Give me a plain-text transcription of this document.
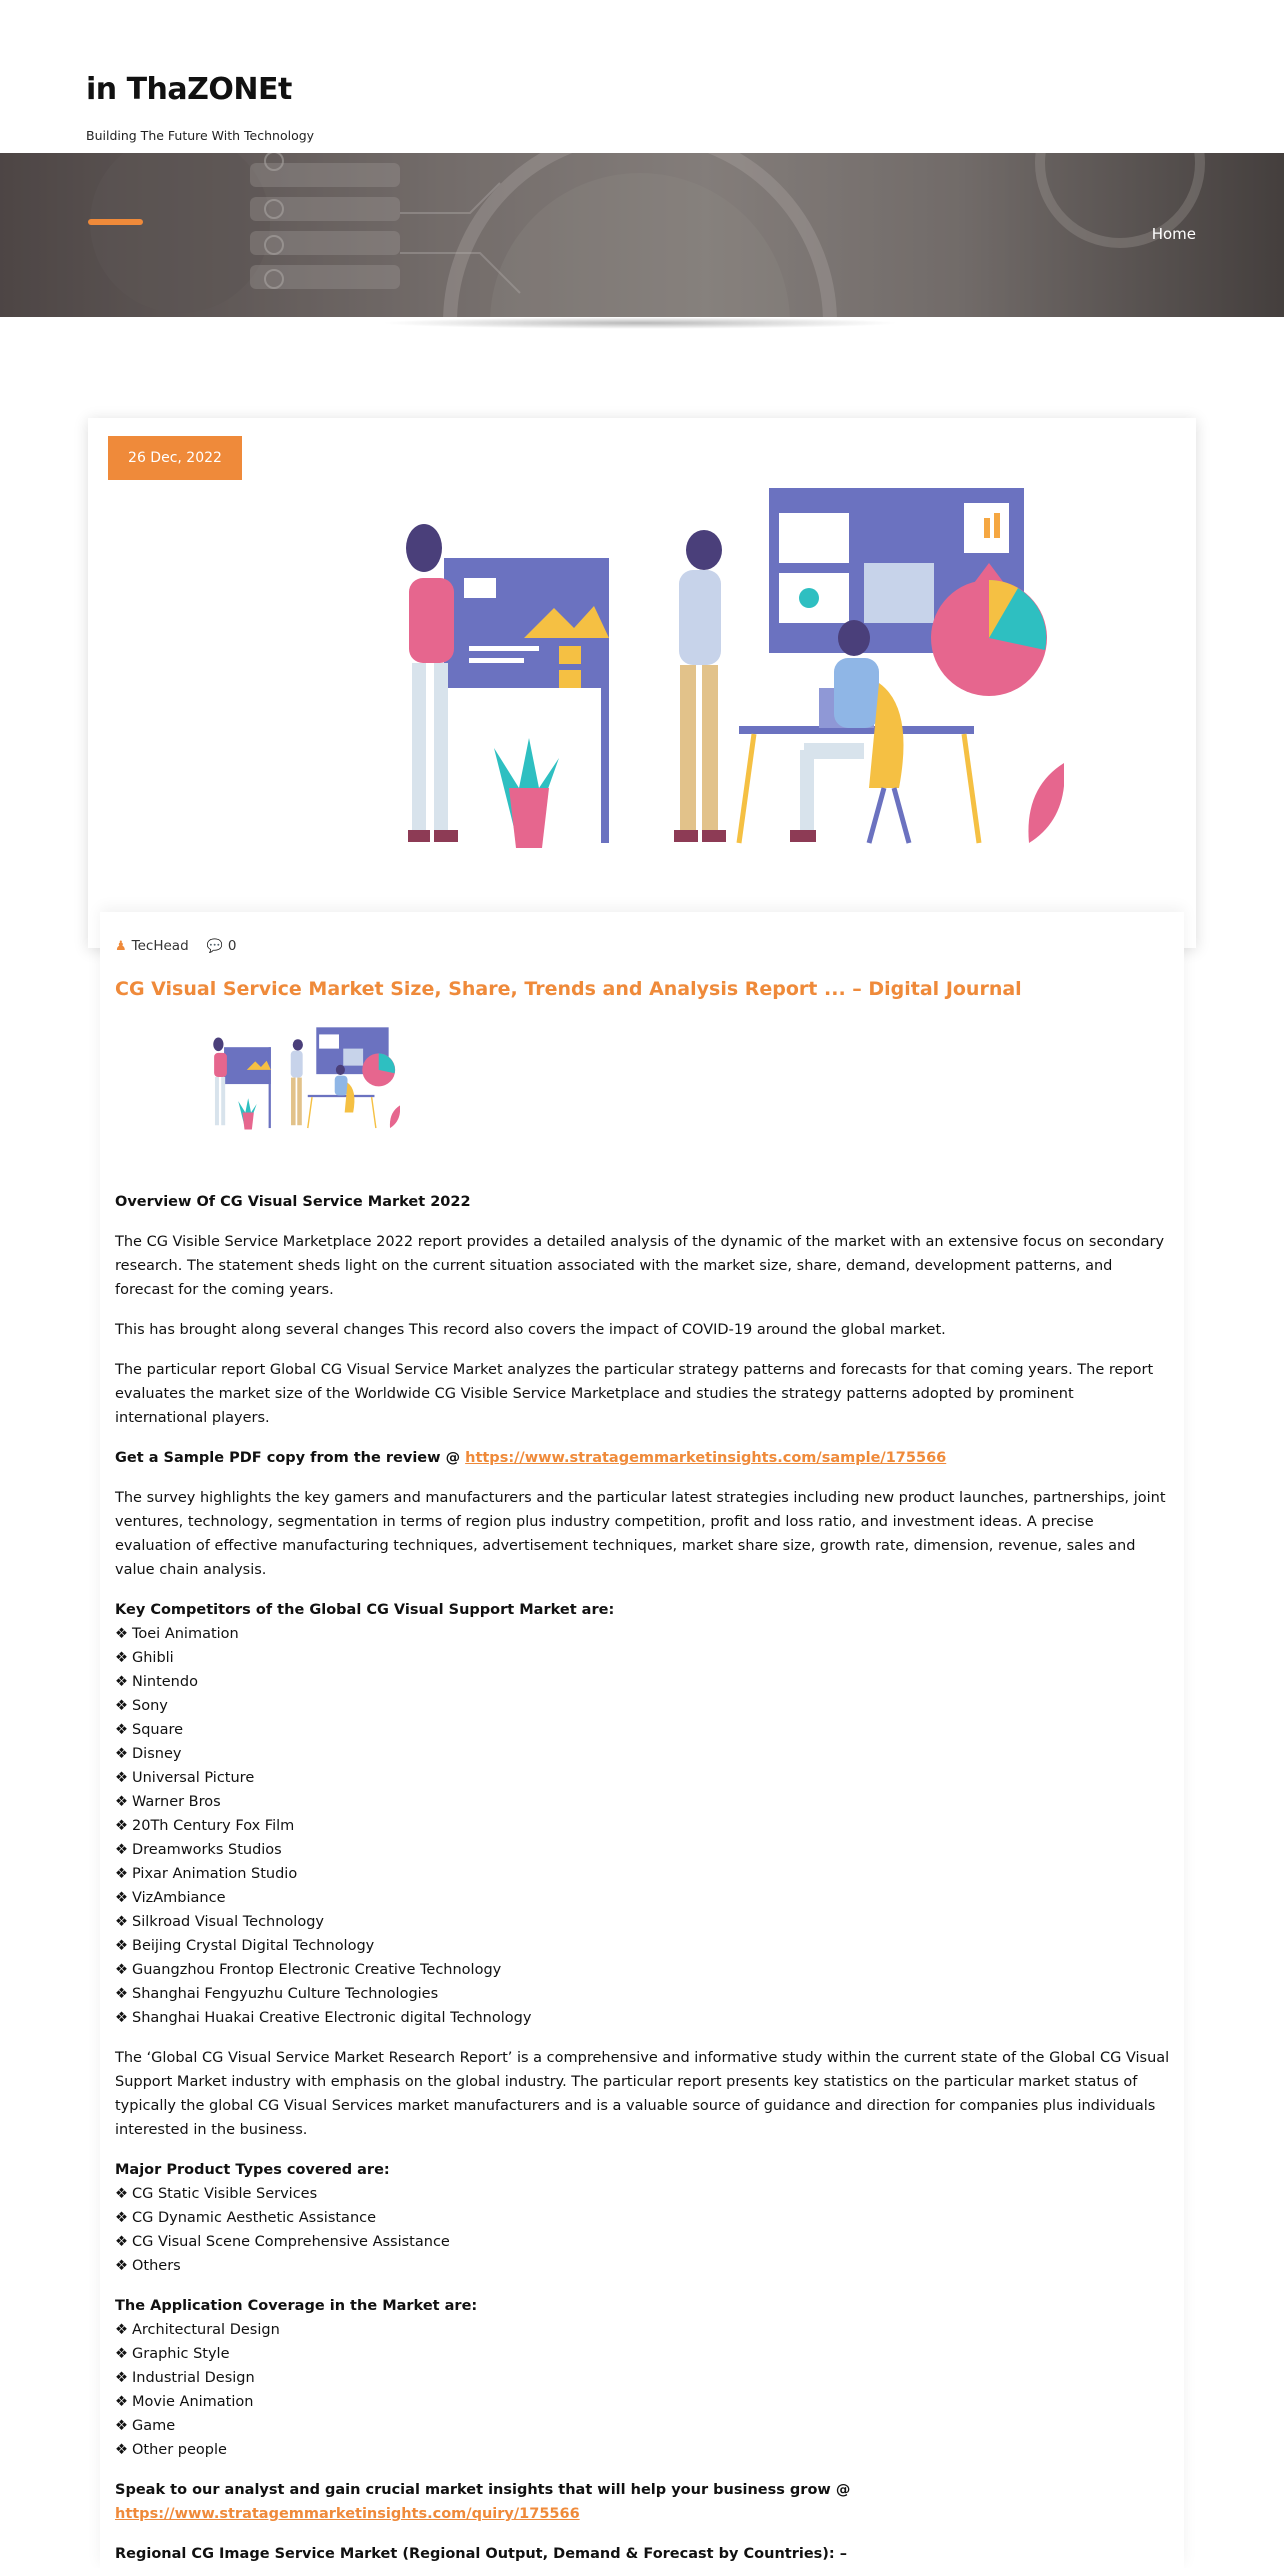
in ThaZONEt
Building The Future With Technology
Home
26 Dec, 2022
♟ TecHead 💬 0
CG Visual Service Market Size, Share, Trends and Analysis Report ... – Digital Journal

Overview Of CG Visual Service Market 2022

The CG Visible Service Marketplace 2022 report provides a detailed analysis of the dynamic of the market with an extensive focus on secondary research. The statement sheds light on the current situation associated with the market size, share, demand, development patterns, and forecast for the coming years.

This has brought along several changes This record also covers the impact of COVID-19 around the global market.

The particular report Global CG Visual Service Market analyzes the particular strategy patterns and forecasts for that coming years. The report evaluates the market size of the Worldwide CG Visible Service Marketplace and studies the strategy patterns adopted by prominent international players.

Get a Sample PDF copy from the review @ https://www.stratagemmarketinsights.com/sample/175566

The survey highlights the key gamers and manufacturers and the particular latest strategies including new product launches, partnerships, joint ventures, technology, segmentation in terms of region plus industry competition, profit and loss ratio, and investment ideas. A precise evaluation of effective manufacturing techniques, advertisement techniques, market share size, growth rate, dimension, revenue, sales and value chain analysis.

Key Competitors of the Global CG Visual Support Market are:
❖ Toei Animation
❖ Ghibli
❖ Nintendo
❖ Sony
❖ Square
❖ Disney
❖ Universal Picture
❖ Warner Bros
❖ 20Th Century Fox Film
❖ Dreamworks Studios
❖ Pixar Animation Studio
❖ VizAmbiance
❖ Silkroad Visual Technology
❖ Beijing Crystal Digital Technology
❖ Guangzhou Frontop Electronic Creative Technology
❖ Shanghai Fengyuzhu Culture Technologies
❖ Shanghai Huakai Creative Electronic digital Technology

The ‘Global CG Visual Service Market Research Report’ is a comprehensive and informative study within the current state of the Global CG Visual Support Market industry with emphasis on the global industry. The particular report presents key statistics on the particular market status of typically the global CG Visual Services market manufacturers and is a valuable source of guidance and direction for companies plus individuals interested in the business.

Major Product Types covered are:
❖ CG Static Visible Services
❖ CG Dynamic Aesthetic Assistance
❖ CG Visual Scene Comprehensive Assistance
❖ Others

The Application Coverage in the Market are:
❖ Architectural Design
❖ Graphic Style
❖ Industrial Design
❖ Movie Animation
❖ Game
❖ Other people

Speak to our analyst and gain crucial market insights that will help your business grow @
https://www.stratagemmarketinsights.com/quiry/175566

Regional CG Image Service Market (Regional Output, Demand & Forecast by Countries): –
